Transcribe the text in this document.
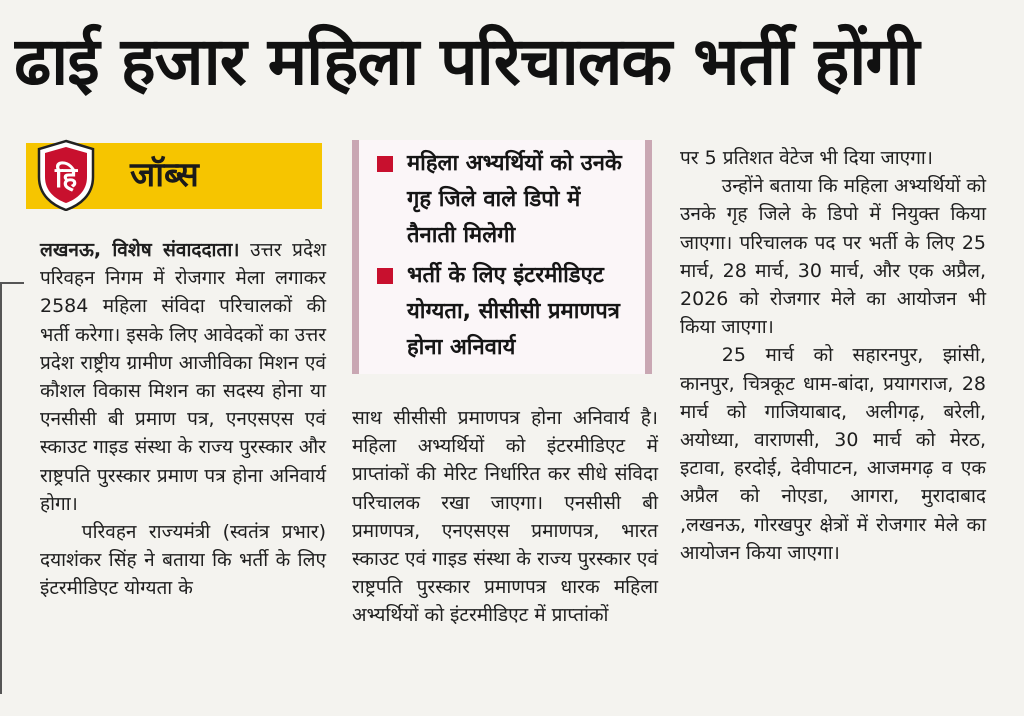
ढाई हजार महिला परिचालक भर्ती होंगी
हि जॉब्स

लखनऊ, विशेष संवाददाता। उत्तर प्रदेश परिवहन निगम में रोजगार मेला लगाकर 2584 महिला संविदा परिचालकों की भर्ती करेगा। इसके लिए आवेदकों का उत्तर प्रदेश राष्ट्रीय ग्रामीण आजीविका मिशन एवं कौशल विकास मिशन का सदस्य होना या एनसीसी बी प्रमाण पत्र, एनएसएस एवं स्काउट गाइड संस्था के राज्य पुरस्कार और राष्ट्रपति पुरस्कार प्रमाण पत्र होना अनिवार्य होगा।

परिवहन राज्यमंत्री (स्वतंत्र प्रभार) दयाशंकर सिंह ने बताया कि भर्ती के लिए इंटरमीडिएट योग्यता के

महिला अभ्यर्थियों को उनके गृह जिले वाले डिपो में तैनाती मिलेगी
भर्ती के लिए इंटरमीडिएट योग्यता, सीसीसी प्रमाणपत्र होना अनिवार्य

साथ सीसीसी प्रमाणपत्र होना अनिवार्य है। महिला अभ्यर्थियों को इंटरमीडिएट में प्राप्तांकों की मेरिट निर्धारित कर सीधे संविदा परिचालक रखा जाएगा। एनसीसी बी प्रमाणपत्र, एनएसएस प्रमाणपत्र, भारत स्काउट एवं गाइड संस्था के राज्य पुरस्कार एवं राष्ट्रपति पुरस्कार प्रमाणपत्र धारक महिला अभ्यर्थियों को इंटरमीडिएट में प्राप्तांकों

पर 5 प्रतिशत वेटेज भी दिया जाएगा।

उन्होंने बताया कि महिला अभ्यर्थियों को उनके गृह जिले के डिपो में नियुक्त किया जाएगा। परिचालक पद पर भर्ती के लिए 25 मार्च, 28 मार्च, 30 मार्च, और एक अप्रैल, 2026 को रोजगार मेले का आयोजन भी किया जाएगा।

25 मार्च को सहारनपुर, झांसी, कानपुर, चित्रकूट धाम-बांदा, प्रयागराज, 28 मार्च को गाजियाबाद, अलीगढ़, बरेली, अयोध्या, वाराणसी, 30 मार्च को मेरठ, इटावा, हरदोई, देवीपाटन, आजमगढ़ व एक अप्रैल को नोएडा, आगरा, मुरादाबाद ,लखनऊ, गोरखपुर क्षेत्रों में रोजगार मेले का आयोजन किया जाएगा।
